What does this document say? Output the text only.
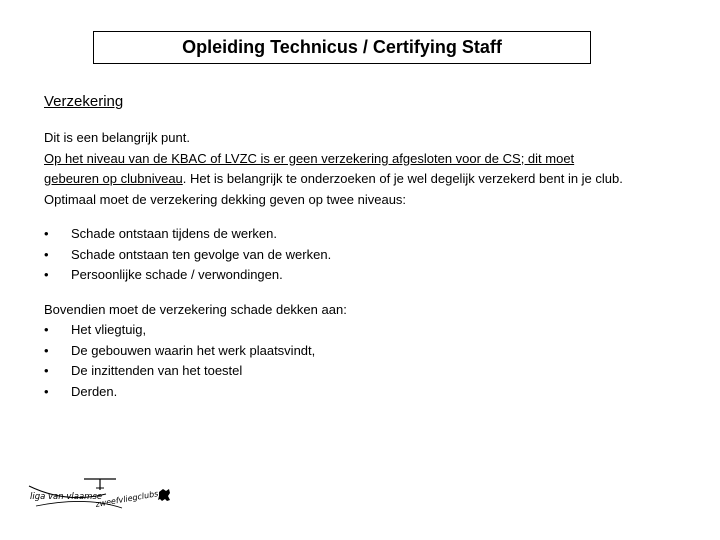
Opleiding Technicus / Certifying Staff
Verzekering
Dit is een belangrijk punt.
Op het niveau van de KBAC of LVZC is er geen verzekering afgesloten voor de CS; dit moet
gebeuren op clubniveau. Het is belangrijk te onderzoeken of je wel degelijk verzekerd bent in je club.
Optimaal moet de verzekering dekking geven op twee niveaus:
•	Schade ontstaan tijdens de werken.
•	Schade ontstaan ten gevolge van de werken.
•	Persoonlijke schade / verwondingen.
Bovendien moet de verzekering schade dekken aan:
•	Het vliegtuig,
•	De gebouwen waarin het werk plaatsvindt,
•	De inzittenden van het toestel
•	Derden.
liga van vlaamse
zweefvliegclubs
